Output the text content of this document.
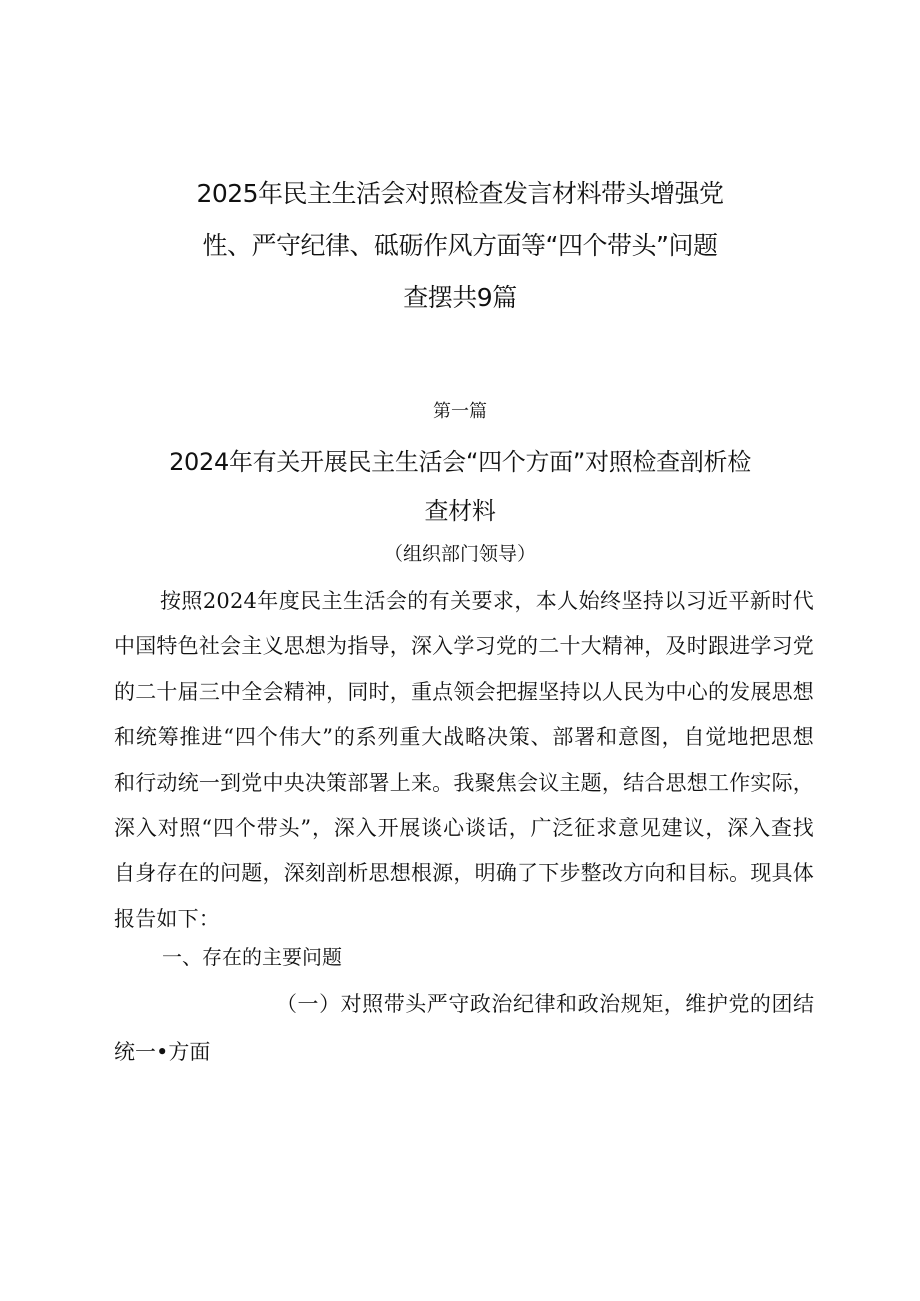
2025年民主生活会对照检查发言材料带头增强党性、严守纪律、砥砺作风方面等“四个带头”问题查摆共9篇
第一篇
2024年有关开展民主生活会“四个方面”对照检查剖析检查材料
（组织部门领导）

按照2024年度民主生活会的有关要求，本人始终坚持以习近平新时代中国特色社会主义思想为指导，深入学习党的二十大精神，及时跟进学习党的二十届三中全会精神，同时，重点领会把握坚持以人民为中心的发展思想和统筹推进“四个伟大”的系列重大战略决策、部署和意图，自觉地把思想和行动统一到党中央决策部署上来。我聚焦会议主题，结合思想工作实际，深入对照“四个带头”，深入开展谈心谈话，广泛征求意见建议，深入查找自身存在的问题，深刻剖析思想根源，明确了下步整改方向和目标。现具体报告如下：

一、存在的主要问题

（一）对照带头严守政治纪律和政治规矩，维护党的团结统一•方面
